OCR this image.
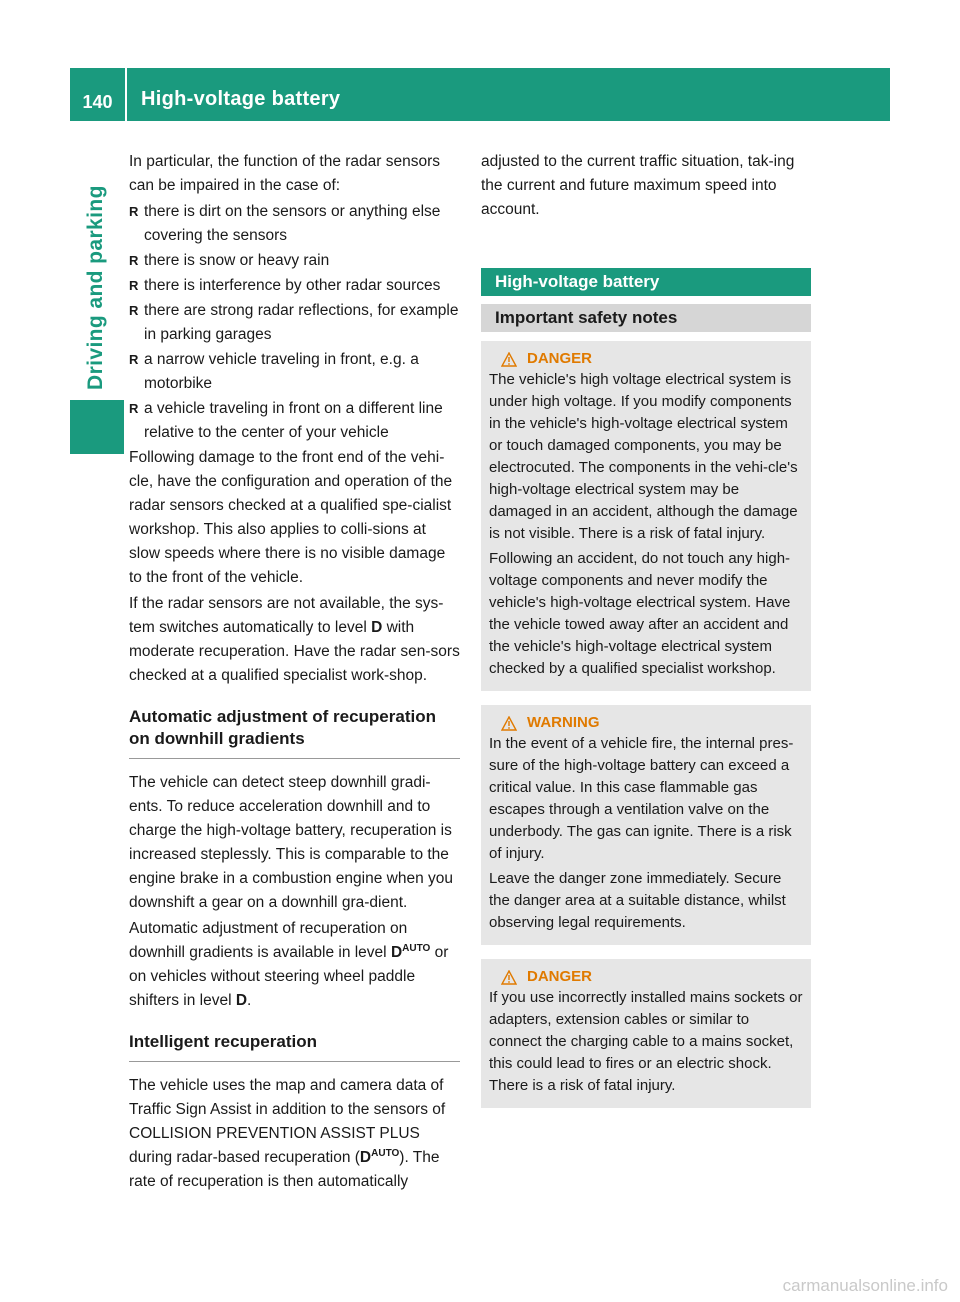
140	High-voltage battery
Driving and parking

In particular, the function of the radar sensors can be impaired in the case of:

R there is dirt on the sensors or anything else covering the sensors
R there is snow or heavy rain
R there is interference by other radar sources
R there are strong radar reflections, for example in parking garages
R a narrow vehicle traveling in front, e.g. a motorbike
R a vehicle traveling in front on a different line relative to the center of your vehicle

Following damage to the front end of the vehi-cle, have the configuration and operation of the radar sensors checked at a qualified spe-cialist workshop. This also applies to colli-sions at slow speeds where there is no visible damage to the front of the vehicle.

If the radar sensors are not available, the sys-tem switches automatically to level D with moderate recuperation. Have the radar sen-sors checked at a qualified specialist work-shop.

Automatic adjustment of recuperation on downhill gradients

The vehicle can detect steep downhill gradi-ents. To reduce acceleration downhill and to charge the high-voltage battery, recuperation is increased steplessly. This is comparable to the engine brake in a combustion engine when you downshift a gear on a downhill gra-dient.

Automatic adjustment of recuperation on downhill gradients is available in level $D^{AUTO}$ or on vehicles without steering wheel paddle shifters in level D.

Intelligent recuperation

The vehicle uses the map and camera data of Traffic Sign Assist in addition to the sensors of COLLISION PREVENTION ASSIST PLUS during radar-based recuperation $(D^{AUTO})$. The rate of recuperation is then automatically

adjusted to the current traffic situation, tak-ing the current and future maximum speed into account.

High-voltage battery
Important safety notes
DANGER

The vehicle's high voltage electrical system is under high voltage. If you modify components in the vehicle's high-voltage electrical system or touch damaged components, you may be electrocuted. The components in the vehi-cle's high-voltage electrical system may be damaged in an accident, although the damage is not visible. There is a risk of fatal injury.

Following an accident, do not touch any high-voltage components and never modify the vehicle's high-voltage electrical system. Have the vehicle towed away after an accident and the vehicle's high-voltage electrical system checked by a qualified specialist workshop.

WARNING

In the event of a vehicle fire, the internal pres-sure of the high-voltage battery can exceed a critical value. In this case flammable gas escapes through a ventilation valve on the underbody. The gas can ignite. There is a risk of injury.

Leave the danger zone immediately. Secure the danger area at a suitable distance, whilst observing legal requirements.

DANGER

If you use incorrectly installed mains sockets or adapters, extension cables or similar to connect the charging cable to a mains socket, this could lead to fires or an electric shock. There is a risk of fatal injury.

carmanualsonline.info
